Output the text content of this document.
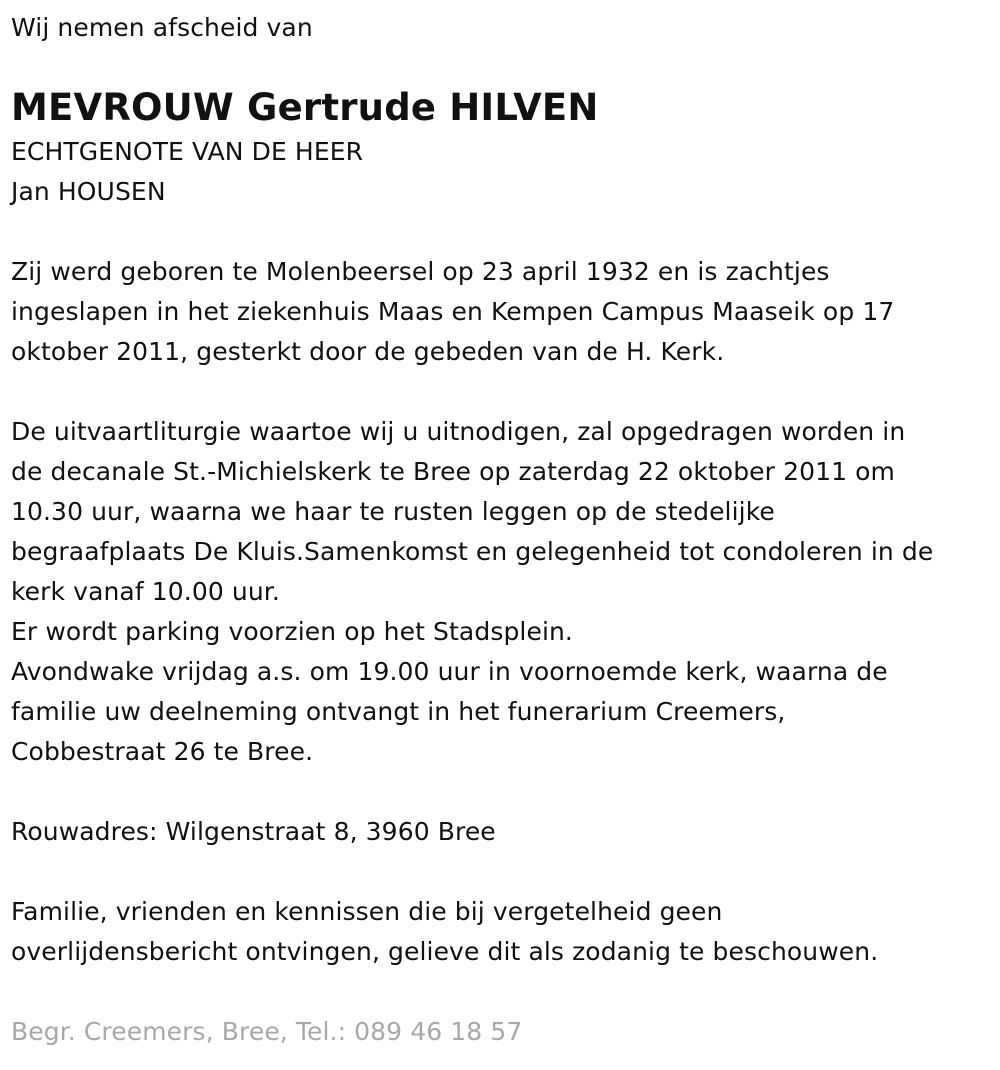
Wij nemen afscheid van
MEVROUW Gertrude HILVEN
ECHTGENOTE VAN DE HEER
Jan HOUSEN
Zij werd geboren te Molenbeersel op 23 april 1932 en is zachtjes
ingeslapen in het ziekenhuis Maas en Kempen Campus Maaseik op 17
oktober 2011, gesterkt door de gebeden van de H. Kerk.
De uitvaartliturgie waartoe wij u uitnodigen, zal opgedragen worden in
de decanale St.-Michielskerk te Bree op zaterdag 22 oktober 2011 om
10.30 uur, waarna we haar te rusten leggen op de stedelijke
begraafplaats De Kluis.Samenkomst en gelegenheid tot condoleren in de
kerk vanaf 10.00 uur.
Er wordt parking voorzien op het Stadsplein.
Avondwake vrijdag a.s. om 19.00 uur in voornoemde kerk, waarna de
familie uw deelneming ontvangt in het funerarium Creemers,
Cobbestraat 26 te Bree.
Rouwadres: Wilgenstraat 8, 3960 Bree
Familie, vrienden en kennissen die bij vergetelheid geen
overlijdensbericht ontvingen, gelieve dit als zodanig te beschouwen.
Begr. Creemers, Bree, Tel.: 089 46 18 57
